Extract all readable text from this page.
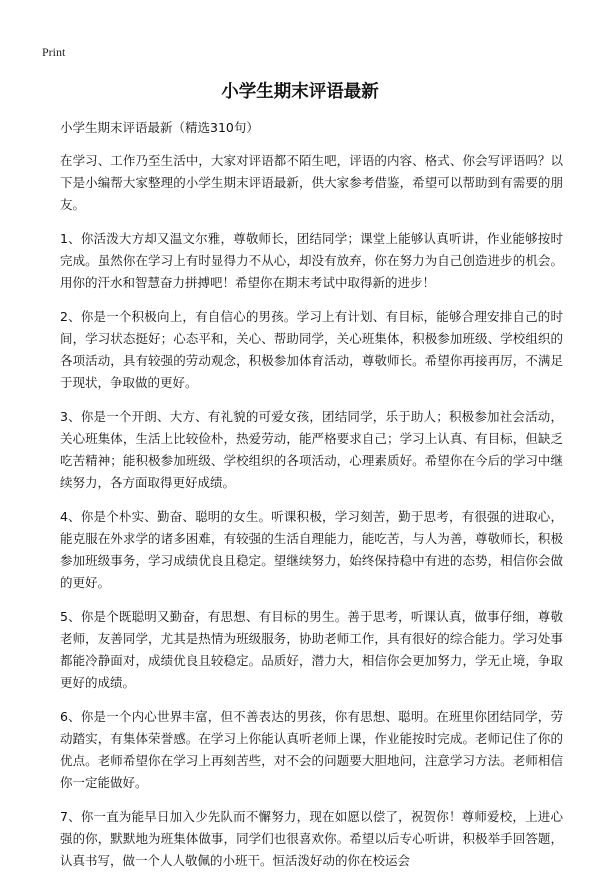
Print
小学生期末评语最新

小学生期末评语最新（精选310句）

在学习、工作乃至生活中，大家对评语都不陌生吧，评语的内容、格式、你会写评语吗？以下是小编帮大家整理的小学生期末评语最新，供大家参考借鉴，希望可以帮助到有需要的朋友。

1、你活泼大方却又温文尔雅，尊敬师长，团结同学；课堂上能够认真听讲，作业能够按时完成。虽然你在学习上有时显得力不从心，却没有放弃，你在努力为自己创造进步的机会。用你的汗水和智慧奋力拼搏吧！希望你在期末考试中取得新的进步！

2、你是一个积极向上，有自信心的男孩。学习上有计划、有目标，能够合理安排自己的时间，学习状态挺好；心态平和，关心、帮助同学，关心班集体，积极参加班级、学校组织的各项活动，具有较强的劳动观念，积极参加体育活动，尊敬师长。希望你再接再厉，不满足于现状，争取做的更好。

3、你是一个开朗、大方、有礼貌的可爱女孩，团结同学，乐于助人；积极参加社会活动，关心班集体，生活上比较俭朴，热爱劳动，能严格要求自己；学习上认真、有目标，但缺乏吃苦精神；能积极参加班级、学校组织的各项活动，心理素质好。希望你在今后的学习中继续努力，各方面取得更好成绩。

4、你是个朴实、勤奋、聪明的女生。听课积极，学习刻苦，勤于思考，有很强的进取心，能克服在外求学的诸多困难，有较强的生活自理能力，能吃苦，与人为善，尊敬师长，积极参加班级事务，学习成绩优良且稳定。望继续努力，始终保持稳中有进的态势，相信你会做的更好。

5、你是个既聪明又勤奋，有思想、有目标的男生。善于思考，听课认真，做事仔细，尊敬老师，友善同学，尤其是热情为班级服务，协助老师工作，具有很好的综合能力。学习处事都能冷静面对，成绩优良且较稳定。品质好，潜力大，相信你会更加努力，学无止境，争取更好的成绩。

6、你是一个内心世界丰富，但不善表达的男孩，你有思想、聪明。在班里你团结同学，劳动踏实，有集体荣誉感。在学习上你能认真听老师上课，作业能按时完成。老师记住了你的优点。老师希望你在学习上再刻苦些，对不会的问题要大胆地问，注意学习方法。老师相信你一定能做好。

7、你一直为能早日加入少先队而不懈努力，现在如愿以偿了，祝贺你！尊师爱校，上进心强的你，默默地为班集体做事，同学们也很喜欢你。希望以后专心听讲，积极举手回答题，认真书写，做一个人人敬佩的小班干。恒活泼好动的你在校运会
